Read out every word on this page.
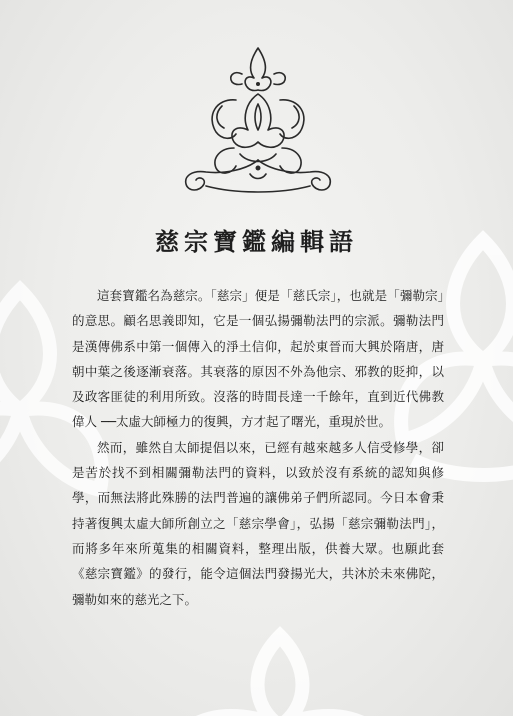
慈宗寶鑑編輯語

這套寶鑑名為慈宗。「慈宗」便是「慈氏宗」，也就是「彌勒宗」的意思。顧名思義即知，它是一個弘揚彌勒法門的宗派。彌勒法門是漢傳佛系中第一個傳入的淨土信仰，起於東晉而大興於隋唐，唐朝中葉之後逐漸衰落。其衰落的原因不外為他宗、邪教的貶抑，以及政客匪徒的利用所致。沒落的時間長達一千餘年，直到近代佛教偉人 ──太虛大師極力的復興，方才起了曙光，重現於世。

然而，雖然自太師提倡以來，已經有越來越多人信受修學，卻是苦於找不到相關彌勒法門的資料，以致於沒有系統的認知與修學，而無法將此殊勝的法門普遍的讓佛弟子們所認同。今日本會秉持著復興太虛大師所創立之「慈宗學會」，弘揚「慈宗彌勒法門」，而將多年來所蒐集的相關資料，整理出版，供養大眾。也願此套《慈宗寶鑑》的發行，能令這個法門發揚光大，共沐於未來佛陀，彌勒如來的慈光之下。
